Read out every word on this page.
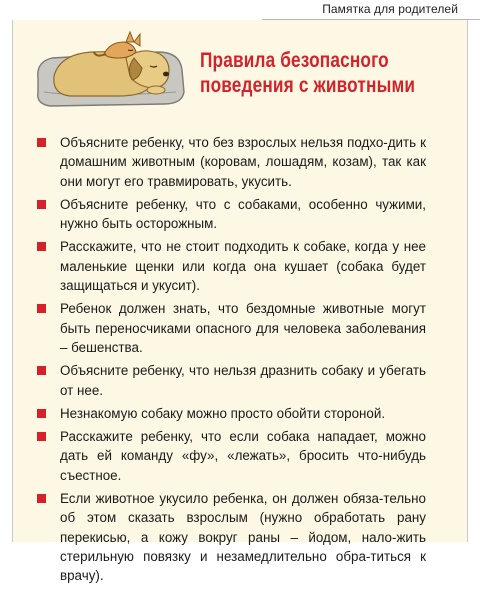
Памятка для родителей
Правила безопасного
поведения с животными
Объясните ребенку, что без взрослых нельзя подхо-дить к домашним животным (коровам, лошадям, козам), так как они могут его травмировать, укусить.
Объясните ребенку, что с собаками, особенно чужими, нужно быть осторожным.
Расскажите, что не стоит подходить к собаке, когда у нее маленькие щенки или когда она кушает (собака будет защищаться и укусит).
Ребенок должен знать, что бездомные животные могут быть переносчиками опасного для человека заболевания – бешенства.
Объясните ребенку, что нельзя дразнить собаку и убегать от нее.
Незнакомую собаку можно просто обойти стороной.
Расскажите ребенку, что если собака нападает, можно дать ей команду «фу», «лежать», бросить что-нибудь съестное.
Если животное укусило ребенка, он должен обяза-тельно об этом сказать взрослым (нужно обработать рану перекисью, а кожу вокруг раны – йодом, нало-жить стерильную повязку и незамедлительно обра-титься к врачу).
